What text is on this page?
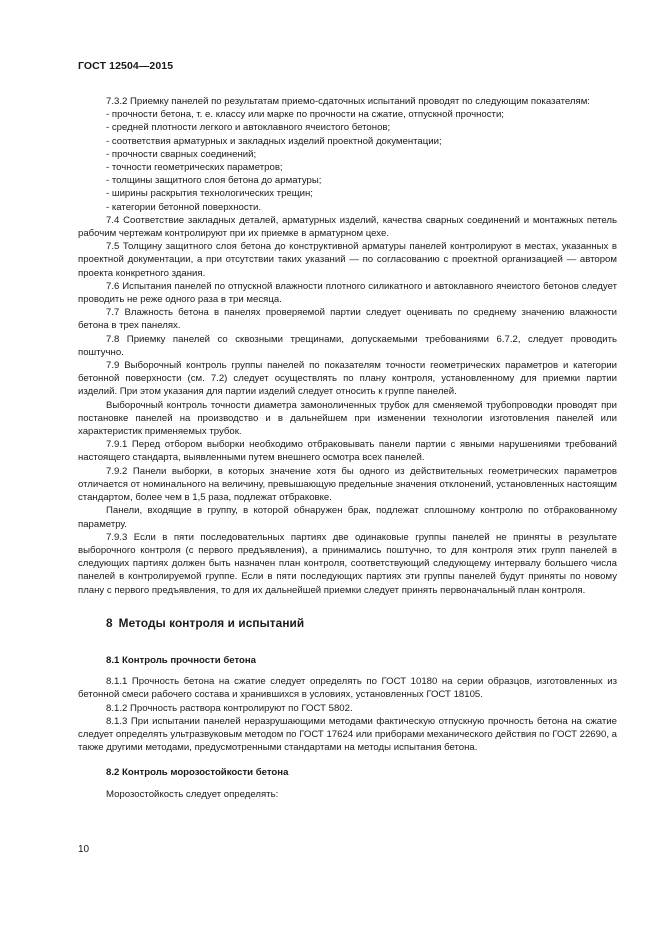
ГОСТ 12504—2015

7.3.2 Приемку панелей по результатам приемо-сдаточных испытаний проводят по следующим показателям:

- прочности бетона, т. е. классу или марке по прочности на сжатие, отпускной прочности;
- средней плотности легкого и автоклавного ячеистого бетонов;
- соответствия арматурных и закладных изделий проектной документации;
- прочности сварных соединений;
- точности геометрических параметров;
- толщины защитного слоя бетона до арматуры;
- ширины раскрытия технологических трещин;
- категории бетонной поверхности.

7.4 Соответствие закладных деталей, арматурных изделий, качества сварных соединений и монтажных петель рабочим чертежам контролируют при их приемке в арматурном цехе.

7.5 Толщину защитного слоя бетона до конструктивной арматуры панелей контролируют в местах, указанных в проектной документации, а при отсутствии таких указаний — по согласованию с проектной организацией — автором проекта конкретного здания.

7.6 Испытания панелей по отпускной влажности плотного силикатного и автоклавного ячеистого бетонов следует проводить не реже одного раза в три месяца.

7.7 Влажность бетона в панелях проверяемой партии следует оценивать по среднему значению влажности бетона в трех панелях.

7.8 Приемку панелей со сквозными трещинами, допускаемыми требованиями 6.7.2, следует проводить поштучно.

7.9 Выборочный контроль группы панелей по показателям точности геометрических параметров и категории бетонной поверхности (см. 7.2) следует осуществлять по плану контроля, установленному для приемки партии изделий. При этом указания для партии изделий следует относить к группе панелей.

Выборочный контроль точности диаметра замоноличенных трубок для сменяемой трубопроводки проводят при постановке панелей на производство и в дальнейшем при изменении технологии изготовления панелей или характеристик применяемых трубок.

7.9.1 Перед отбором выборки необходимо отбраковывать панели партии с явными нарушениями требований настоящего стандарта, выявленными путем внешнего осмотра всех панелей.

7.9.2 Панели выборки, в которых значение хотя бы одного из действительных геометрических параметров отличается от номинального на величину, превышающую предельные значения отклонений, установленных настоящим стандартом, более чем в 1,5 раза, подлежат отбраковке.

Панели, входящие в группу, в которой обнаружен брак, подлежат сплошному контролю по отбракованному параметру.

7.9.3 Если в пяти последовательных партиях две одинаковые группы панелей не приняты в результате выборочного контроля (с первого предъявления), а принимались поштучно, то для контроля этих групп панелей в следующих партиях должен быть назначен план контроля, соответствующий следующему интервалу большего числа панелей в контролируемой группе. Если в пяти последующих партиях эти группы панелей будут приняты по новому плану с первого предъявления, то для их дальнейшей приемки следует принять первоначальный план контроля.

8 Методы контроля и испытаний
8.1 Контроль прочности бетона

8.1.1 Прочность бетона на сжатие следует определять по ГОСТ 10180 на серии образцов, изготовленных из бетонной смеси рабочего состава и хранившихся в условиях, установленных ГОСТ 18105.

8.1.2 Прочность раствора контролируют по ГОСТ 5802.

8.1.3 При испытании панелей неразрушающими методами фактическую отпускную прочность бетона на сжатие следует определять ультразвуковым методом по ГОСТ 17624 или приборами механического действия по ГОСТ 22690, а также другими методами, предусмотренными стандартами на методы испытания бетона.

8.2 Контроль морозостойкости бетона

Морозостойкость следует определять:

10
